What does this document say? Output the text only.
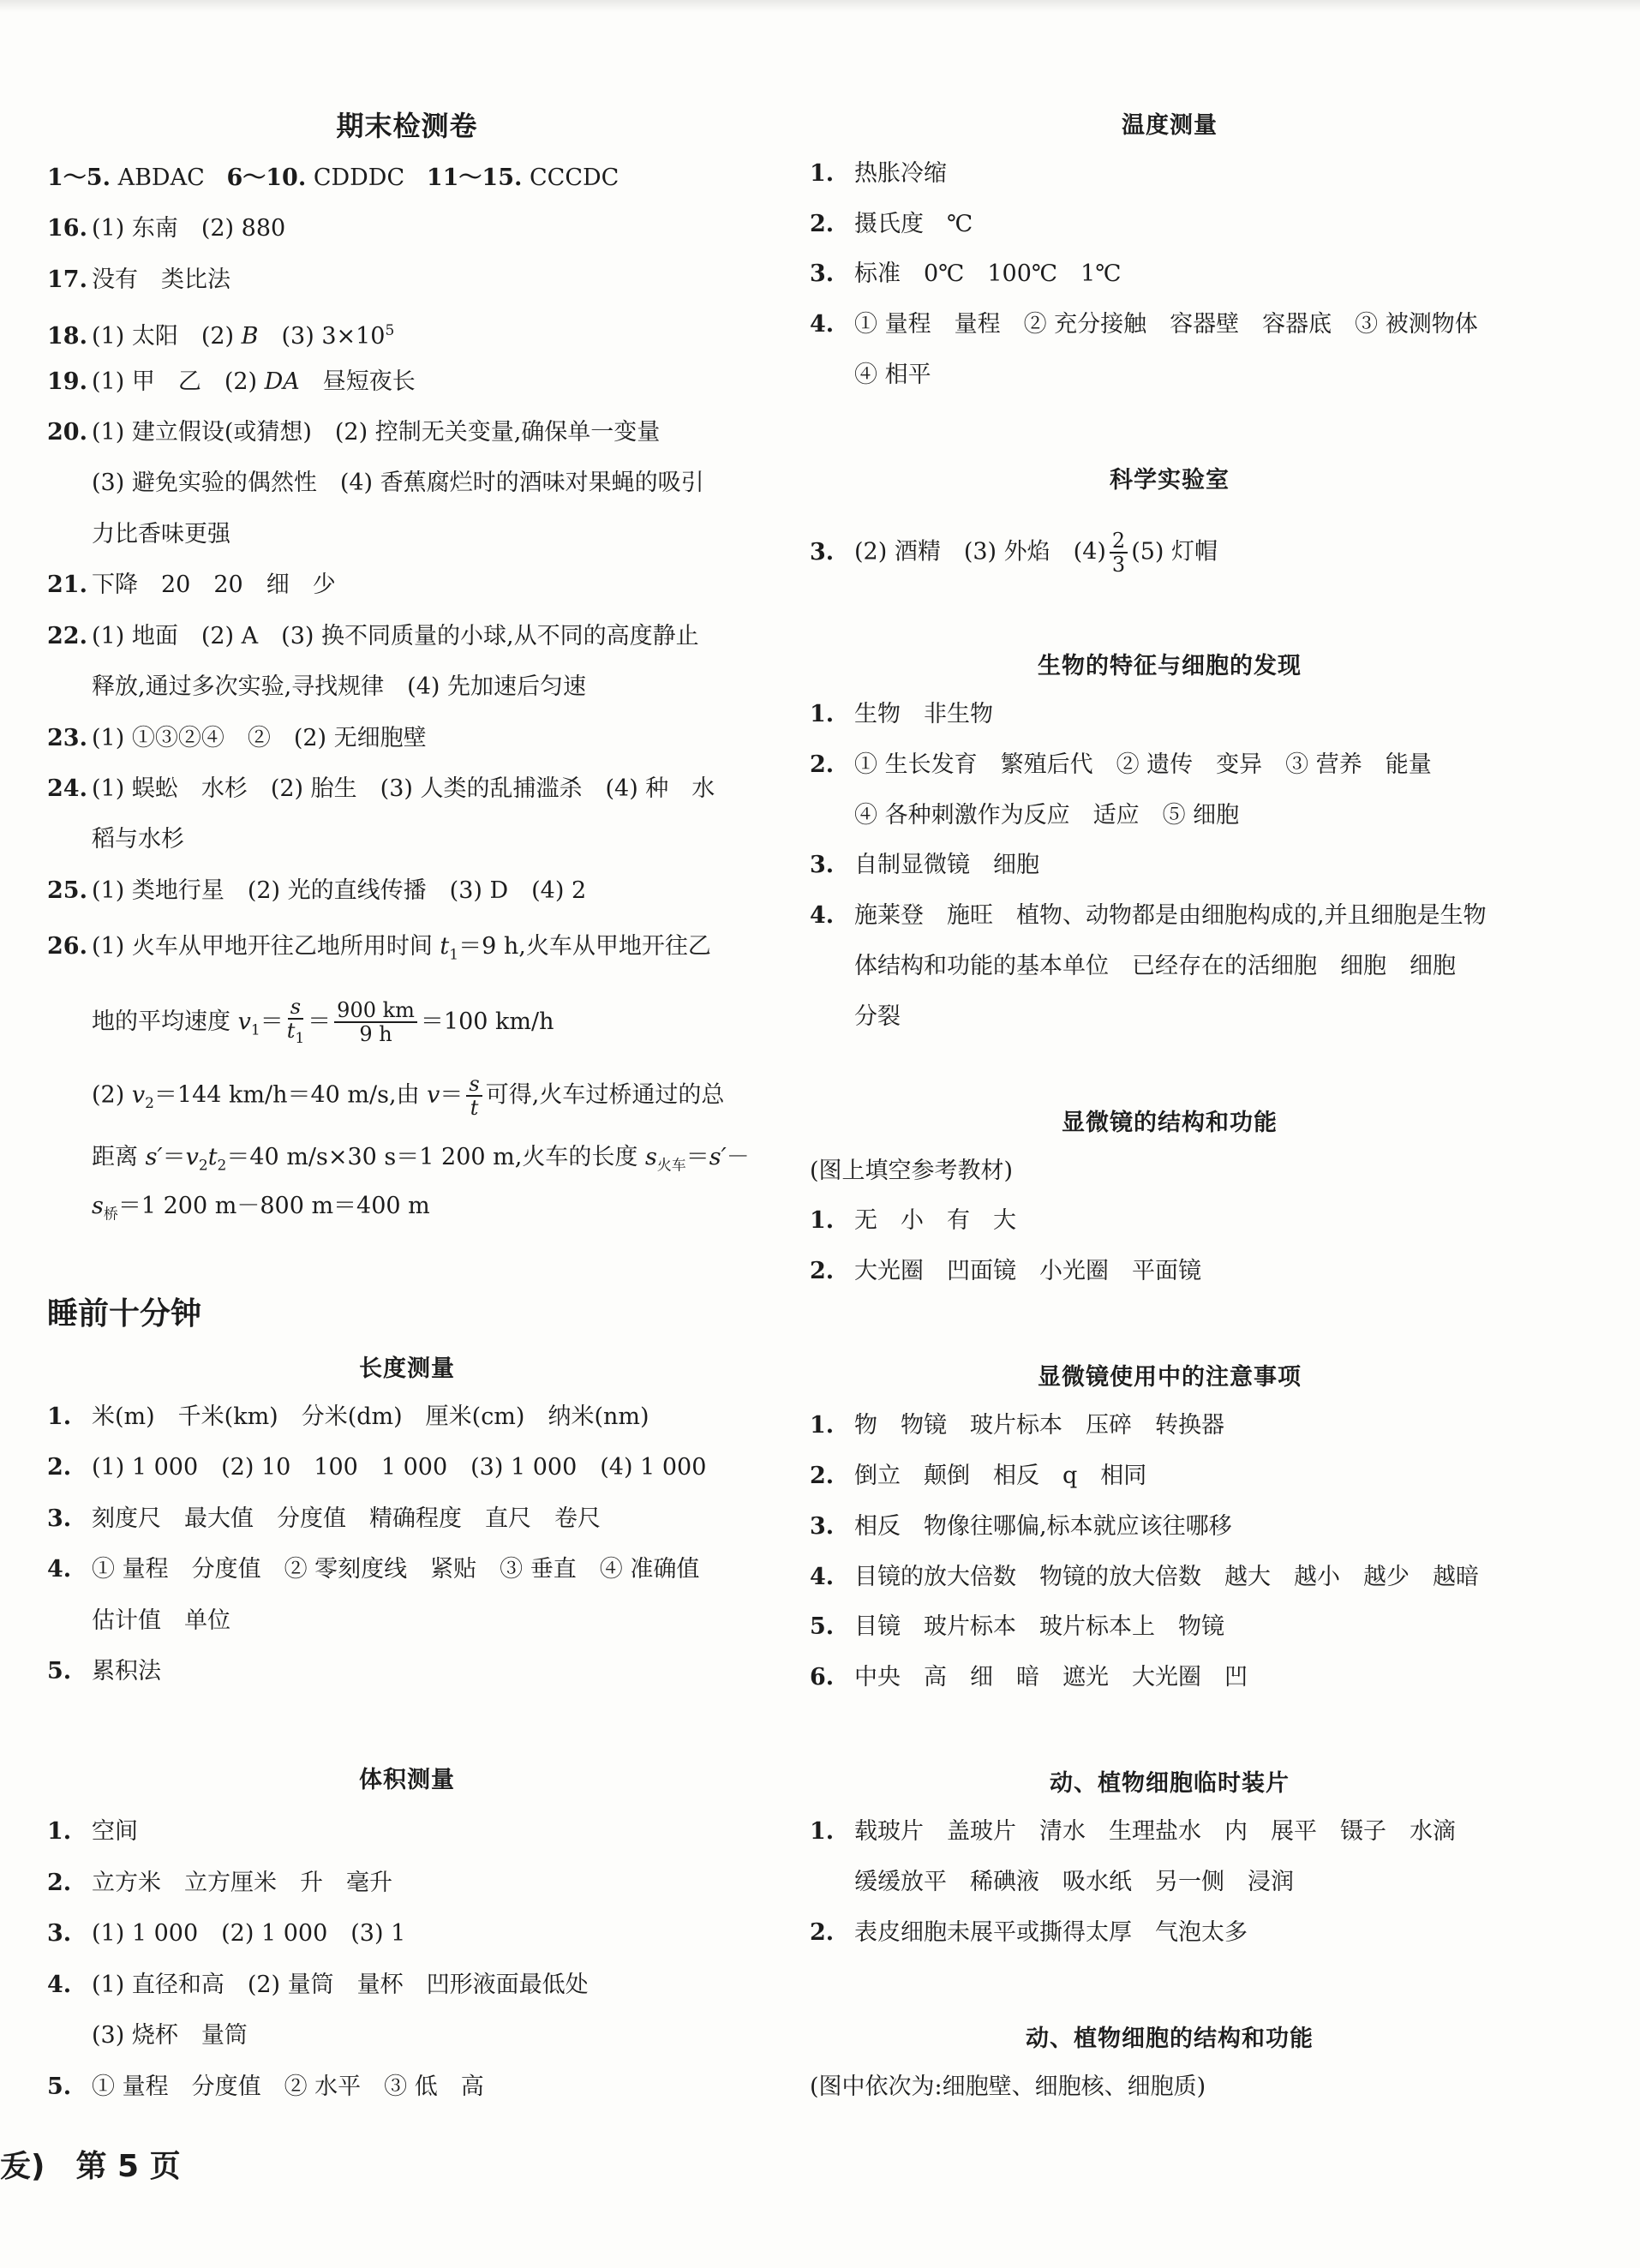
期末检测卷
1～5. ABDAC 6～10. CDDDC 11～15. CCCDC
16. (1) 东南　(2) 880
17. 没有　类比法
18. (1) 太阳　(2) B　(3) $3\times 10^5$
19. (1) 甲　乙　(2) DA　昼短夜长
20. (1) 建立假设(或猜想)　(2) 控制无关变量,确保单一变量
(3) 避免实验的偶然性　(4) 香蕉腐烂时的酒味对果蝇的吸引
力比香味更强
21. 下降　20　20　细　少
22. (1) 地面　(2) A　(3) 换不同质量的小球,从不同的高度静止
释放,通过多次实验,寻找规律　(4) 先加速后匀速
23. (1) ①③②④　②　(2) 无细胞壁
24. (1) 蜈蚣　水杉　(2) 胎生　(3) 人类的乱捕滥杀　(4) 种　水
稻与水杉
25. (1) 类地行星　(2) 光的直线传播　(3) D　(4) 2
26. (1) 火车从甲地开往乙地所用时间 $t_1=9$ h,火车从甲地开往乙
地的平均速度 $v_1= \frac{s}{t_1} = \frac{900 km}{9 h} =100$ km/h
(2) $v_2=144$ km/h＝40 m/s,由 $v= \frac{s}{t}$ 可得,火车过桥通过的总
距离 $s'=v_2t_2=40$ m/s×30 s＝1 200 m,火车的长度 $s_{火车}=s'-$
$s_桥=1$ 200 m－800 m＝400 m
睡前十分钟
长度测量
1. 米(m)　千米(km)　分米(dm)　厘米(cm)　纳米(nm)
2. (1) 1 000　(2) 10　100　1 000　(3) 1 000　(4) 1 000
3. 刻度尺　最大值　分度值　精确程度　直尺　卷尺
4. ① 量程　分度值　② 零刻度线　紧贴　③ 垂直　④ 准确值
估计值　单位
5. 累积法
体积测量
1. 空间
2. 立方米　立方厘米　升　毫升
3. (1) 1 000　(2) 1 000　(3) 1
4. (1) 直径和高　(2) 量筒　量杯　凹形液面最低处
(3) 烧杯　量筒
5. ① 量程　分度值　② 水平　③ 低　高
叐)　第 5 页
温度测量
1. 热胀冷缩
2. 摄氏度　℃
3. 标准　0℃　100℃　1℃
4. ① 量程　量程　② 充分接触　容器壁　容器底　③ 被测物体
④ 相平
科学实验室
3. (2) 酒精　(3) 外焰　$(4) \frac{2}{3} (5)$ 灯帽
生物的特征与细胞的发现
1. 生物　非生物
2. ① 生长发育　繁殖后代　② 遗传　变异　③ 营养　能量
④ 各种刺激作为反应　适应　⑤ 细胞
3. 自制显微镜　细胞
4. 施莱登　施旺　植物、动物都是由细胞构成的,并且细胞是生物
体结构和功能的基本单位　已经存在的活细胞　细胞　细胞
分裂
显微镜的结构和功能
(图上填空参考教材)
1. 无　小　有　大
2. 大光圈　凹面镜　小光圈　平面镜
显微镜使用中的注意事项
1. 物　物镜　玻片标本　压碎　转换器
2. 倒立　颠倒　相反　q　相同
3. 相反　物像往哪偏,标本就应该往哪移
4. 目镜的放大倍数　物镜的放大倍数　越大　越小　越少　越暗
5. 目镜　玻片标本　玻片标本上　物镜
6. 中央　高　细　暗　遮光　大光圈　凹
动、植物细胞临时装片
1. 载玻片　盖玻片　清水　生理盐水　内　展平　镊子　水滴
缓缓放平　稀碘液　吸水纸　另一侧　浸润
2. 表皮细胞未展平或撕得太厚　气泡太多
动、植物细胞的结构和功能
(图中依次为:细胞壁、细胞核、细胞质)
